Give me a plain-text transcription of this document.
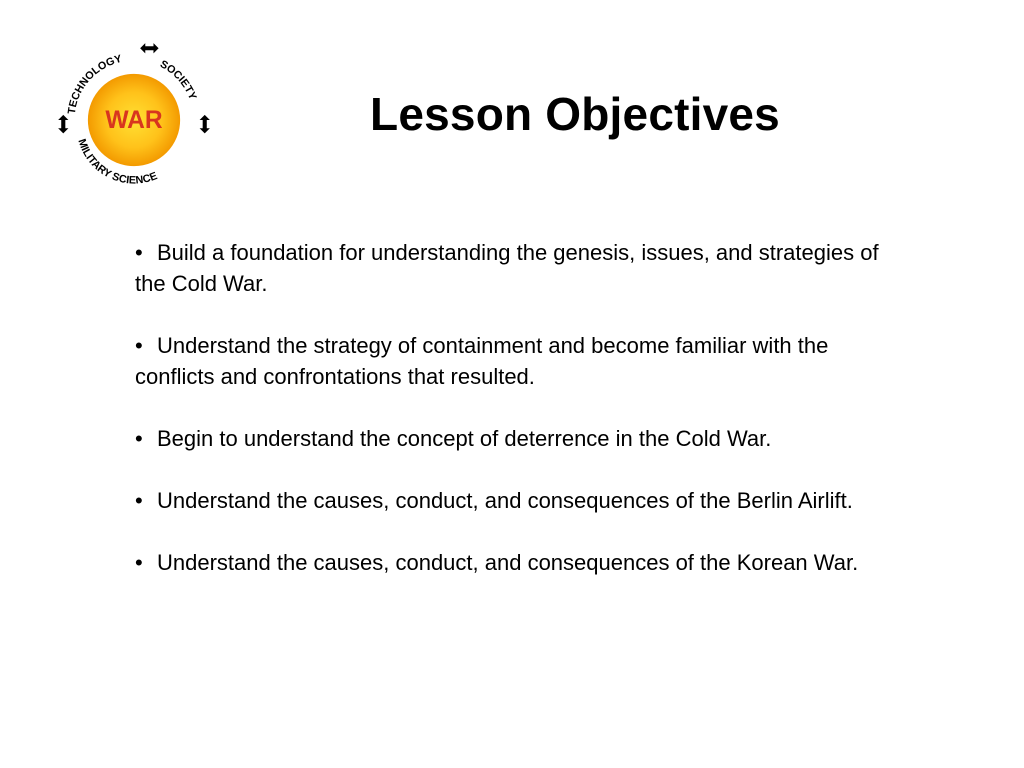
WAR
TECHNOLOGY	SOCIETY
MILITARY SCIENCE
Lesson Objectives
• Build a foundation for understanding the genesis, issues, and strategies of the Cold War.
• Understand the strategy of containment and become familiar with the conflicts and confrontations that resulted.
• Begin to understand the concept of deterrence in the Cold War.
• Understand the causes, conduct, and consequences of the Berlin Airlift.
• Understand the causes, conduct, and consequences of the Korean War.
